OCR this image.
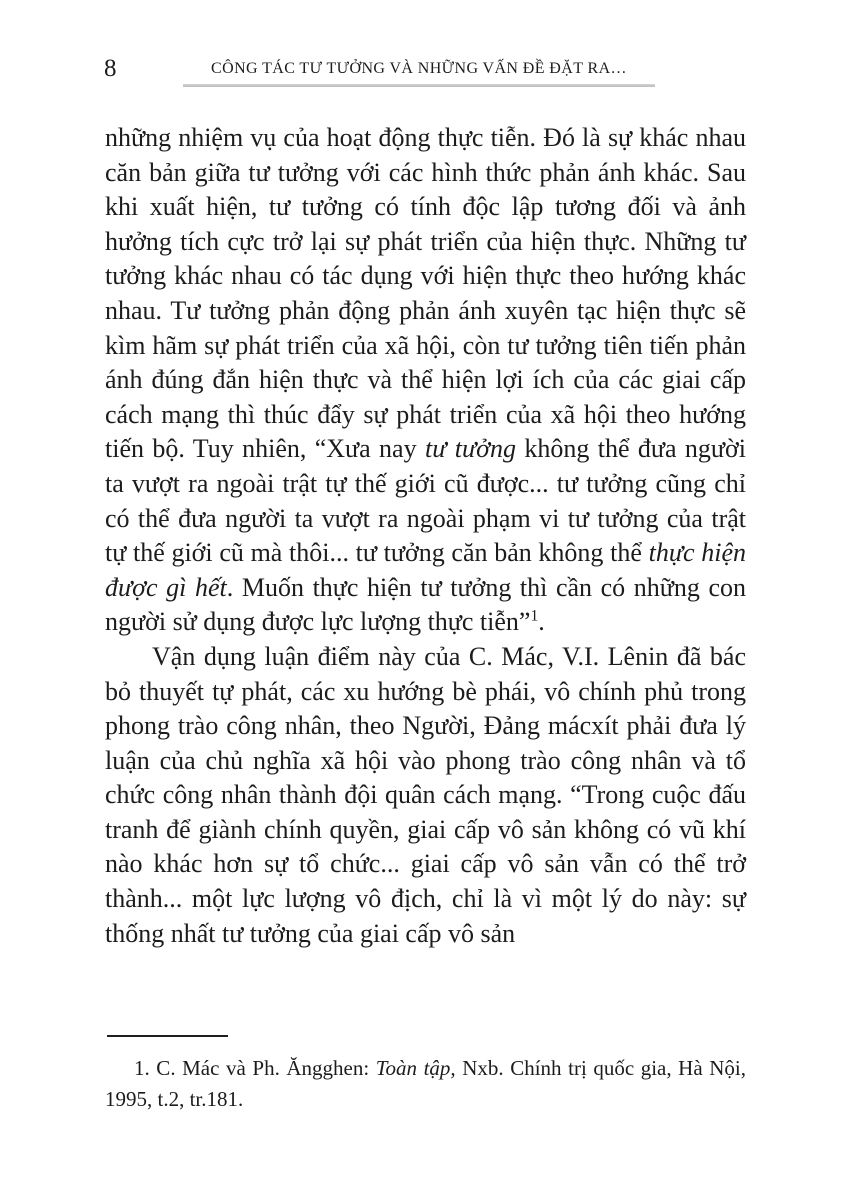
8	CÔNG TÁC TƯ TƯỞNG VÀ NHỮNG VẤN ĐỀ ĐẶT RA…

những nhiệm vụ của hoạt động thực tiễn. Đó là sự khác nhau căn bản giữa tư tưởng với các hình thức phản ánh khác. Sau khi xuất hiện, tư tưởng có tính độc lập tương đối và ảnh hưởng tích cực trở lại sự phát triển của hiện thực. Những tư tưởng khác nhau có tác dụng với hiện thực theo hướng khác nhau. Tư tưởng phản động phản ánh xuyên tạc hiện thực sẽ kìm hãm sự phát triển của xã hội, còn tư tưởng tiên tiến phản ánh đúng đắn hiện thực và thể hiện lợi ích của các giai cấp cách mạng thì thúc đẩy sự phát triển của xã hội theo hướng tiến bộ. Tuy nhiên, “Xưa nay tư tưởng không thể đưa người ta vượt ra ngoài trật tự thế giới cũ được... tư tưởng cũng chỉ có thể đưa người ta vượt ra ngoài phạm vi tư tưởng của trật tự thế giới cũ mà thôi... tư tưởng căn bản không thể thực hiện được gì hết. Muốn thực hiện tư tưởng thì cần có những con người sử dụng được lực lượng thực tiễn”$^1$.

Vận dụng luận điểm này của C. Mác, V.I. Lênin đã bác bỏ thuyết tự phát, các xu hướng bè phái, vô chính phủ trong phong trào công nhân, theo Người, Đảng mácxít phải đưa lý luận của chủ nghĩa xã hội vào phong trào công nhân và tổ chức công nhân thành đội quân cách mạng. “Trong cuộc đấu tranh để giành chính quyền, giai cấp vô sản không có vũ khí nào khác hơn sự tổ chức... giai cấp vô sản vẫn có thể trở thành... một lực lượng vô địch, chỉ là vì một lý do này: sự thống nhất tư tưởng của giai cấp vô sản

1. C. Mác và Ph. Ăngghen: Toàn tập, Nxb. Chính trị quốc gia, Hà Nội, 1995, t.2, tr.181.
